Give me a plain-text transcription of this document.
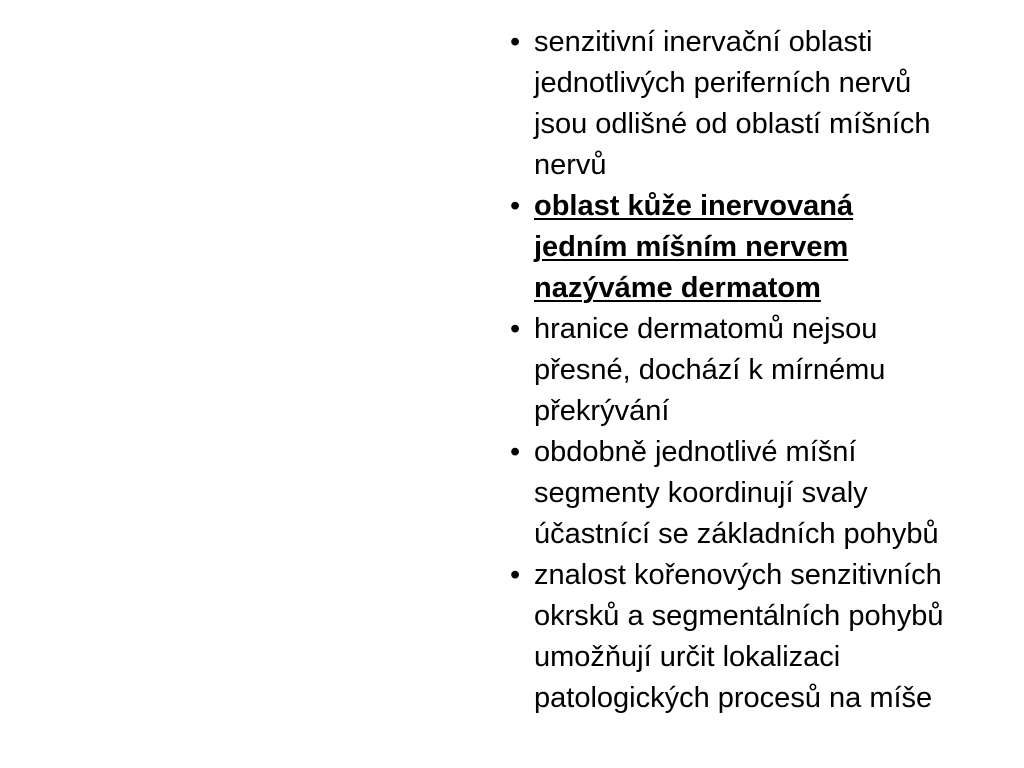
• senzitivní inervační oblasti
jednotlivých periferních nervů
jsou odlišné od oblastí míšních
nervů
• oblast kůže inervovaná
jedním míšním nervem
nazýváme dermatom
• hranice dermatomů nejsou
přesné, dochází k mírnému
překrývání
• obdobně jednotlivé míšní
segmenty koordinují svaly
účastnící se základních pohybů
• znalost kořenových senzitivních
okrsků a segmentálních pohybů
umožňují určit lokalizaci
patologických procesů na míše
